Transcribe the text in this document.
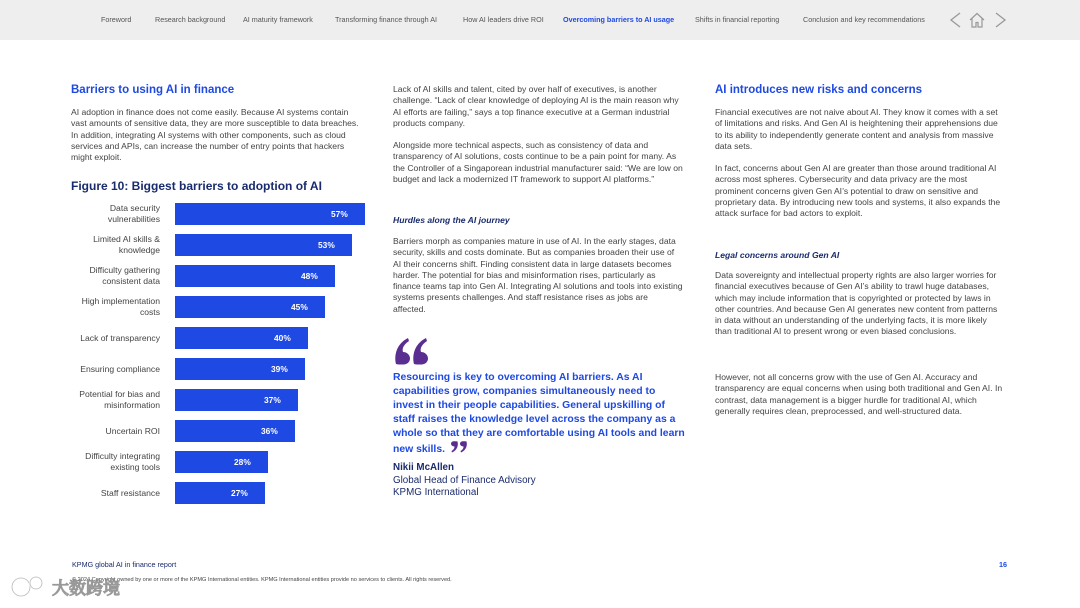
Foreword	Research background AI maturity framework	Transforming finance through AI	How AI leaders drive ROI	Overcoming barriers to AI usage	Shifts in financial reporting	Conclusion and key recommendations
Barriers to using AI in finance
AI adoption in finance does not come easily. Because AI systems contain vast amounts of sensitive data, they are more susceptible to data breaches. In addition, integrating AI systems with other components, such as cloud services and APIs, can increase the number of entry points that hackers might exploit.
Figure 10: Biggest barriers to adoption of AI
Data security
vulnerabilities	57%
Limited AI skills &
knowledge	53%
Difficulty gathering
consistent data	48%
High implementation
costs	45%
Lack of transparency	40%
Ensuring compliance	39%
Potential for bias and
misinformation	37%
Uncertain ROI	36%
Difficulty integrating
existing tools	28%
Staff resistance	27%
Lack of AI skills and talent, cited by over half of executives, is another challenge. “Lack of clear knowledge of deploying AI is the main reason why AI efforts are failing,” says a top finance executive at a German industrial products company.
Alongside more technical aspects, such as consistency of data and transparency of AI solutions, costs continue to be a pain point for many. As the Controller of a Singaporean industrial manufacturer said: “We are low on budget and lack a modernized IT framework to support AI platforms.”
Hurdles along the AI journey
Barriers morph as companies mature in use of AI. In the early stages, data security, skills and costs dominate. But as companies broaden their use of AI their concerns shift. Finding consistent data in large datasets becomes harder. The potential for bias and misinformation rises, particularly as finance teams tap into Gen AI. Integrating AI solutions and tools into existing systems presents challenges. And staff resistance rises as jobs are affected.
Resourcing is key to overcoming AI barriers. As AI capabilities grow, companies simultaneously need to invest in their people capabilities. General upskilling of staff raises the knowledge level across the company as a whole so that they are comfortable using AI tools and learn new skills.
Nikii McAllen
Global Head of Finance Advisory
KPMG International
AI introduces new risks and concerns
Financial executives are not naive about AI. They know it comes with a set of limitations and risks. And Gen AI is heightening their apprehensions due to its ability to independently generate content and analysis from massive data sets.
In fact, concerns about Gen AI are greater than those around traditional AI across most spheres. Cybersecurity and data privacy are the most prominent concerns given Gen AI’s potential to draw on sensitive and proprietary data. By introducing new tools and systems, it also expands the attack surface for bad actors to exploit.
Legal concerns around Gen AI
Data sovereignty and intellectual property rights are also larger worries for financial executives because of Gen AI’s ability to trawl huge databases, which may include information that is copyrighted or protected by laws in other countries. And because Gen AI generates new content from patterns in data without an understanding of the underlying facts, it is more likely than traditional AI to present wrong or even biased conclusions.
However, not all concerns grow with the use of Gen AI. Accuracy and transparency are equal concerns when using both traditional and Gen AI. In contrast, data management is a bigger hurdle for traditional AI, which generally requires clean, preprocessed, and well-structured data.
KPMG global AI in finance report	16
© 2024 Copyright owned by one or more of the KPMG International entities. KPMG International entities provide no services to clients. All rights reserved.
大数跨境
